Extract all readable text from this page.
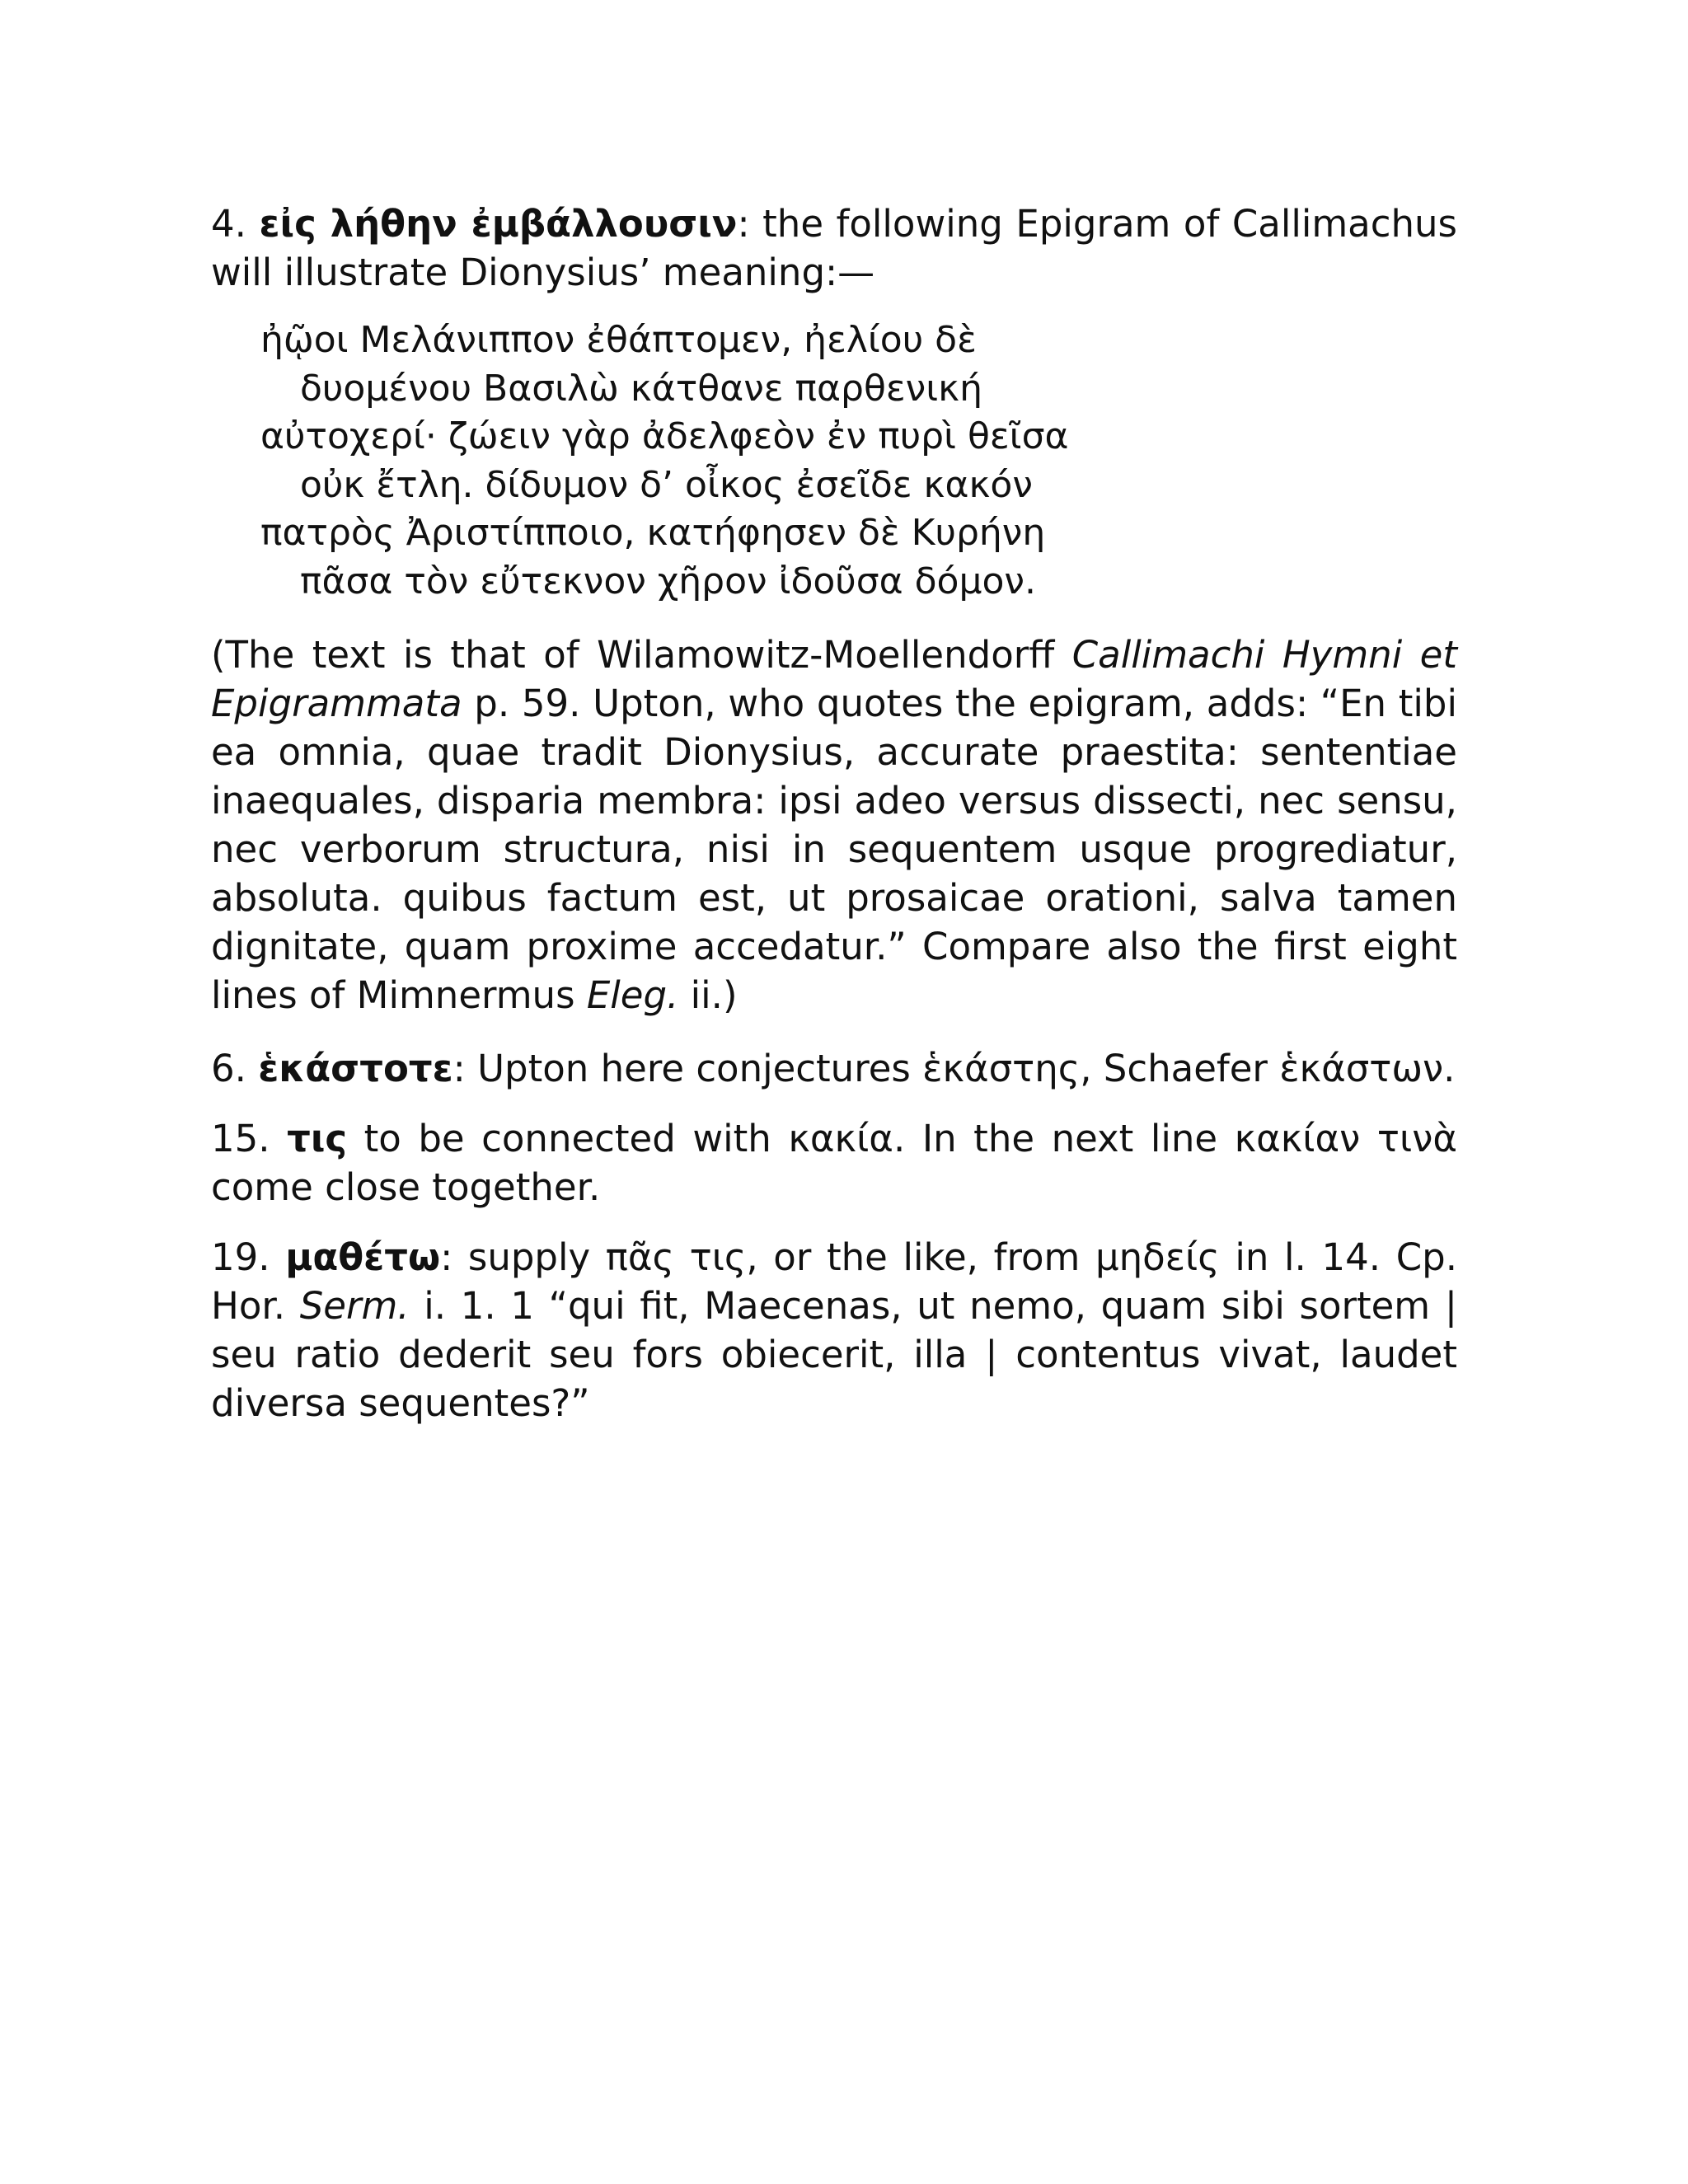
4. εἰς λήθην ἐμβάλλουσιν: the following Epigram of Callimachus will illustrate Dionysius’ meaning:—

ἠῷοι Μελάνιππον ἐθάπτομεν, ἠελίου δὲ
δυομένου Βασιλὼ κάτθανε παρθενική
αὐτοχερί· ζώειν γὰρ ἀδελφεὸν ἐν πυρὶ θεῖσα
οὐκ ἔτλη. δίδυμον δ’ οἶκος ἐσεῖδε κακόν
πατρὸς Ἀριστίπποιο, κατήφησεν δὲ Κυρήνη
πᾶσα τὸν εὔτεκνον χῆρον ἰδοῦσα δόμον.

(The text is that of Wilamowitz-Moellendorff Callimachi Hymni et Epigrammata p. 59. Upton, who quotes the epigram, adds: “En tibi ea omnia, quae tradit Dionysius, accurate praestita: sententiae inaequales, disparia membra: ipsi adeo versus dissecti, nec sensu, nec verborum structura, nisi in sequentem usque progrediatur, absoluta. quibus factum est, ut prosaicae orationi, salva tamen dignitate, quam proxime accedatur.” Compare also the first eight lines of Mimnermus Eleg. ii.)

6. ἑκάστοτε: Upton here conjectures ἑκάστης, Schaefer ἑκάστων.

15. τις to be connected with κακία. In the next line κακίαν τινὰ come close together.

19. μαθέτω: supply πᾶς τις, or the like, from μηδείς in l. 14. Cp. Hor. Serm. i. 1. 1 “qui fit, Maecenas, ut nemo, quam sibi sortem | seu ratio dederit seu fors obiecerit, illa | contentus vivat, laudet diversa sequentes?”
